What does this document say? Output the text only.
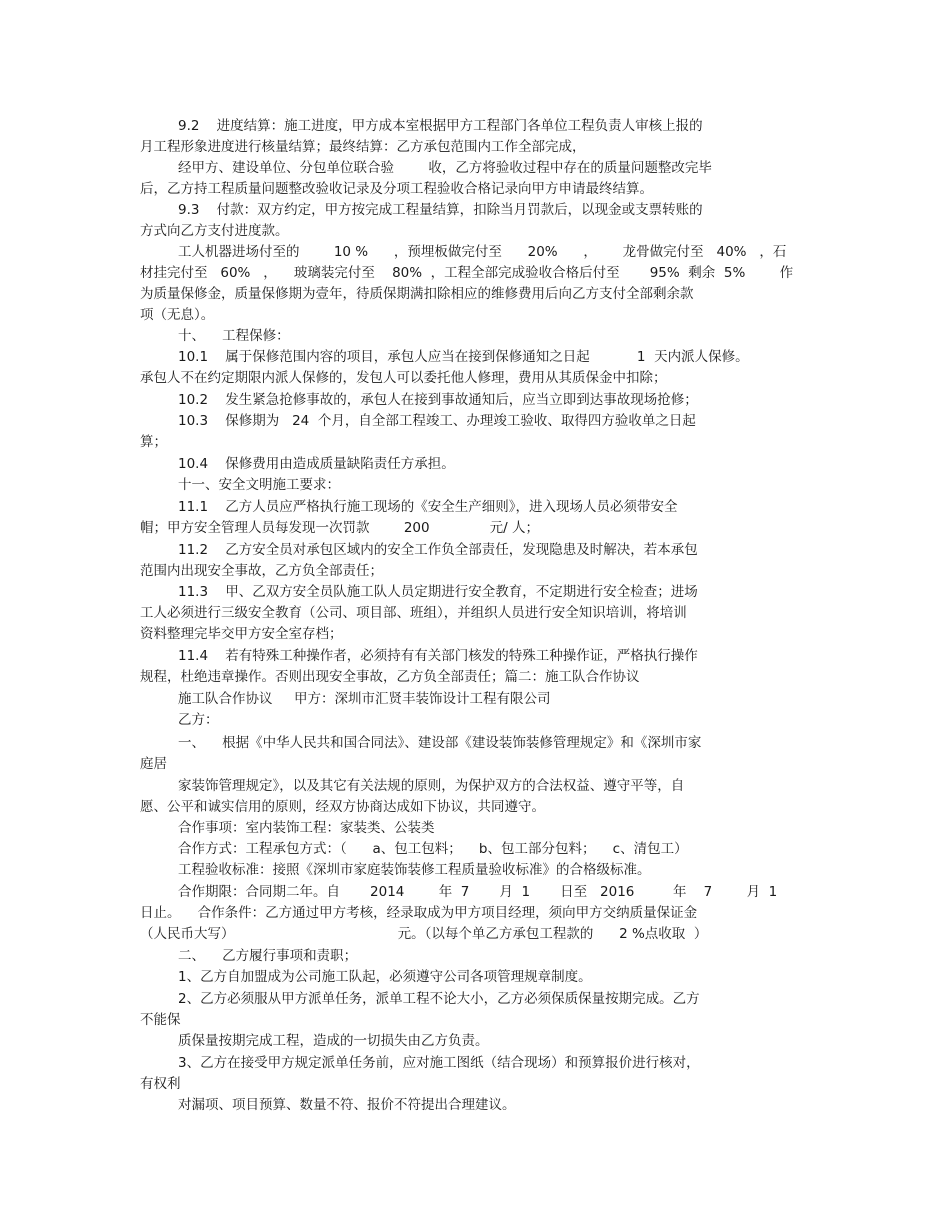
9.2    进度结算：施工进度，甲方成本室根据甲方工程部门各单位工程负责人审核上报的
月工程形象进度进行核量结算；最终结算：乙方承包范围内工作全部完成，
经甲方、建设单位、分包单位联合验        收，乙方将验收过程中存在的质量问题整改完毕
后，乙方持工程质量问题整改验收记录及分项工程验收合格记录向甲方申请最终结算。
9.3    付款：双方约定，甲方按完成工程量结算，扣除当月罚款后，以现金或支票转账的
方式向乙方支付进度款。
工人机器进场付至的        10 %      ，预埋板做完付至      20%      ，      龙骨做完付至   40%   ，石
材挂完付至   60%   ，    玻璃装完付至    80%  ，工程全部完成验收合格后付至       95%  剩余  5%        作
为质量保修金，质量保修期为壹年，待质保期满扣除相应的维修费用后向乙方支付全部剩余款
项（无息）。
十、    工程保修：
10.1    属于保修范围内容的项目，承包人应当在接到保修通知之日起           1  天内派人保修。
承包人不在约定期限内派人保修的，发包人可以委托他人修理，费用从其质保金中扣除；
10.2    发生紧急抢修事故的，承包人在接到事故通知后，应当立即到达事故现场抢修；
10.3    保修期为   24  个月，自全部工程竣工、办理竣工验收、取得四方验收单之日起
算；
10.4    保修费用由造成质量缺陷责任方承担。
十一、安全文明施工要求：
11.1    乙方人员应严格执行施工现场的《安全生产细则》，进入现场人员必须带安全
帽；甲方安全管理人员每发现一次罚款        200              元/ 人；
11.2    乙方安全员对承包区域内的安全工作负全部责任，发现隐患及时解决，若本承包
范围内出现安全事故，乙方负全部责任；
11.3    甲、乙双方安全员队施工队人员定期进行安全教育，不定期进行安全检查；进场
工人必须进行三级安全教育（公司、项目部、班组），并组织人员进行安全知识培训，将培训
资料整理完毕交甲方安全室存档；
11.4    若有特殊工种操作者，必须持有有关部门核发的特殊工种操作证，严格执行操作
规程，杜绝违章操作。否则出现安全事故，乙方负全部责任；篇二：施工队合作协议
施工队合作协议     甲方：深圳市汇贤丰装饰设计工程有限公司
乙方：
一、    根据《中华人民共和国合同法》、建设部《建设装饰装修管理规定》和《深圳市家
庭居
家装饰管理规定》，以及其它有关法规的原则，为保护双方的合法权益、遵守平等，自
愿、公平和诚实信用的原则，经双方协商达成如下协议，共同遵守。
合作事项：室内装饰工程：家装类、公装类
合作方式：工程承包方式：（      a、包工包料；    b、包工部分包料；    c、清包工）
工程验收标准：接照《深圳市家庭装饰装修工程质量验收标准》的合格级标准。
合作期限：合同期二年。自       2014        年  7       月  1       日至   2016         年    7        月  1
日止。    合作条件：乙方通过甲方考核，经录取成为甲方项目经理，须向甲方交纳质量保证金
（人民币大写）                                      元。（以每个单乙方承包工程款的      2 %点收取  ）
二、    乙方履行事项和责职；
1、乙方自加盟成为公司施工队起，必须遵守公司各项管理规章制度。
2、乙方必须服从甲方派单任务，派单工程不论大小，乙方必须保质保量按期完成。乙方
不能保
质保量按期完成工程，造成的一切损失由乙方负责。
3、乙方在接受甲方规定派单任务前，应对施工图纸（结合现场）和预算报价进行核对，
有权利
对漏项、项目预算、数量不符、报价不符提出合理建议。
